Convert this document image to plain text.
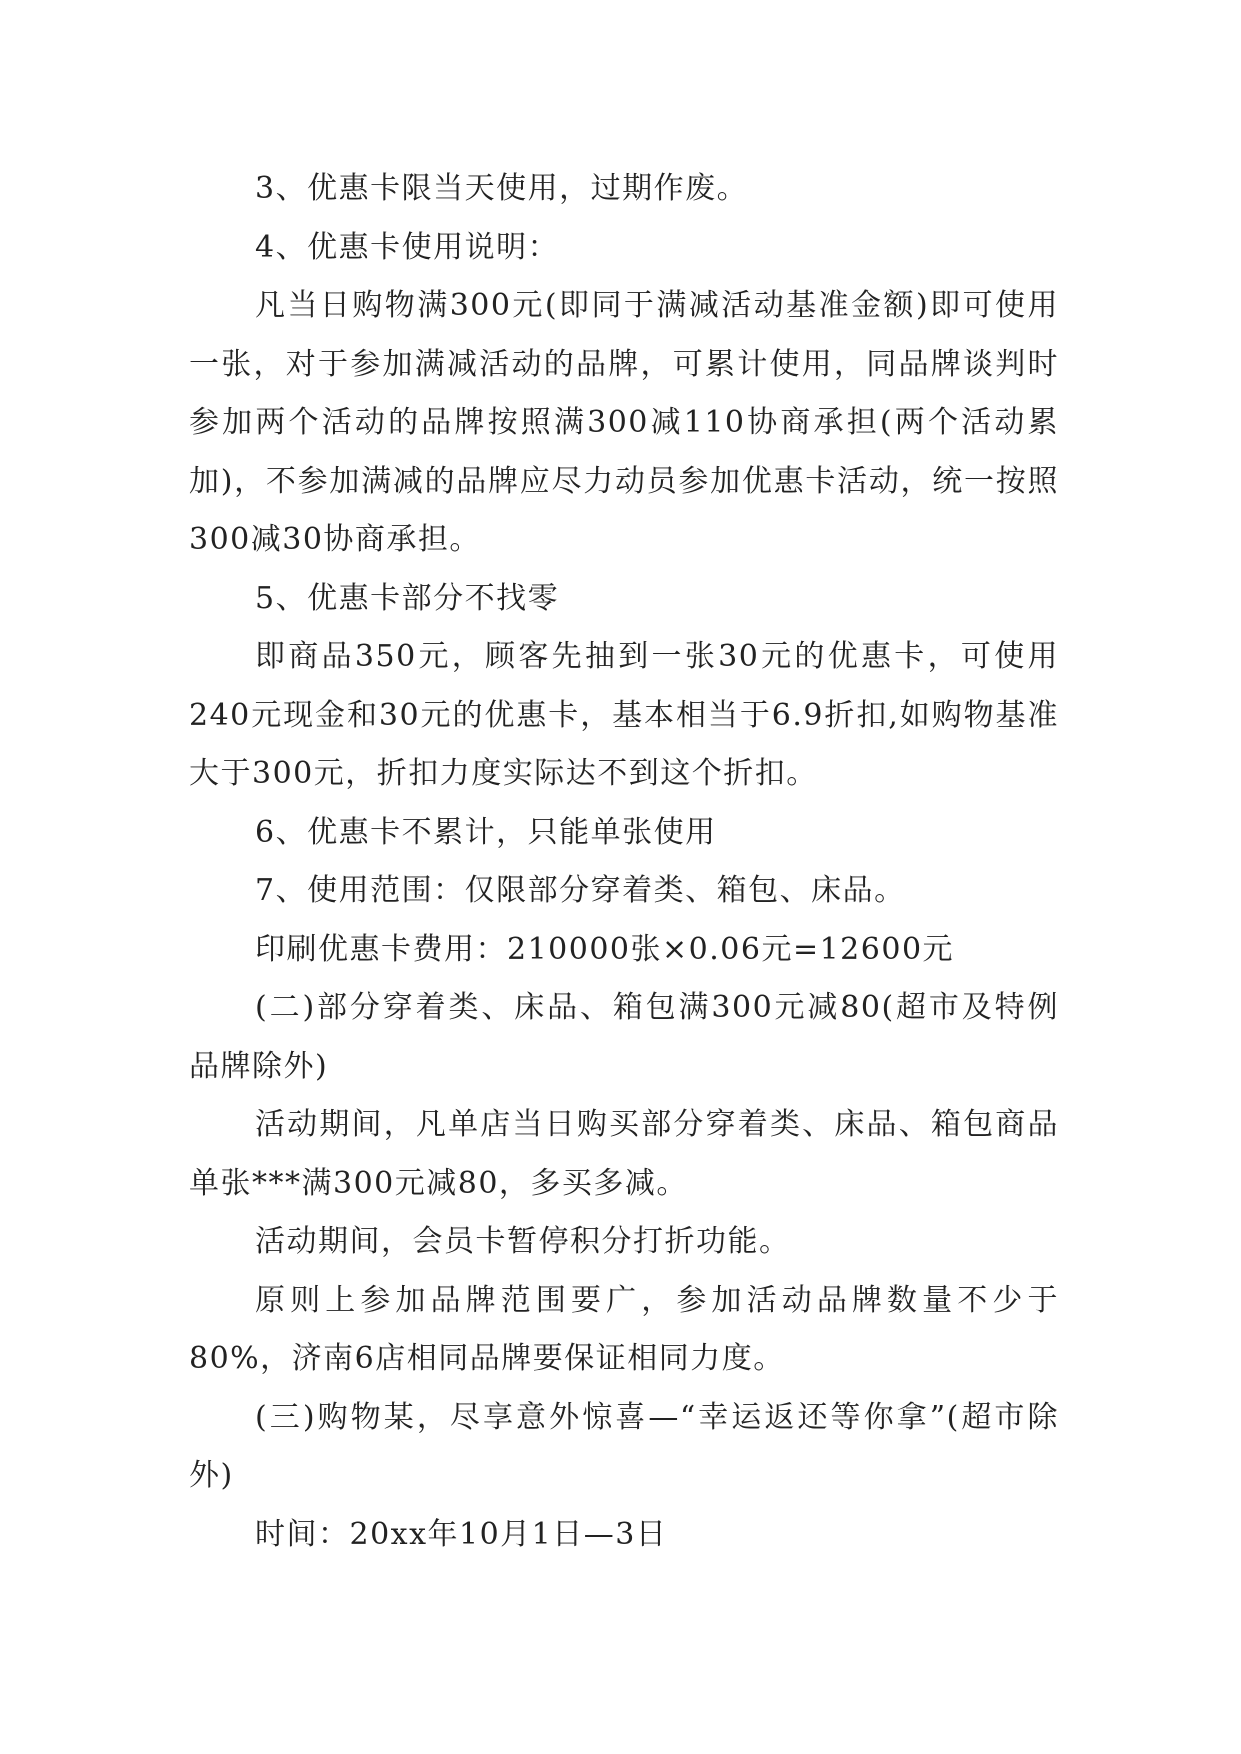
3、优惠卡限当天使用，过期作废。

4、优惠卡使用说明：

凡当日购物满300元(即同于满减活动基准金额)即可使用一张，对于参加满减活动的品牌，可累计使用，同品牌谈判时参加两个活动的品牌按照满300减110协商承担(两个活动累加)，不参加满减的品牌应尽力动员参加优惠卡活动，统一按照300减30协商承担。

5、优惠卡部分不找零

即商品350元，顾客先抽到一张30元的优惠卡，可使用240元现金和30元的优惠卡，基本相当于6.9折扣,如购物基准大于300元，折扣力度实际达不到这个折扣。

6、优惠卡不累计，只能单张使用

7、使用范围：仅限部分穿着类、箱包、床品。

印刷优惠卡费用：210000张×0.06元=12600元

(二)部分穿着类、床品、箱包满300元减80(超市及特例品牌除外)

活动期间，凡单店当日购买部分穿着类、床品、箱包商品单张***满300元减80，多买多减。

活动期间，会员卡暂停积分打折功能。

原则上参加品牌范围要广，参加活动品牌数量不少于80%，济南6店相同品牌要保证相同力度。

(三)购物某，尽享意外惊喜—“幸运返还等你拿”(超市除外)

时间：20xx年10月1日—3日
